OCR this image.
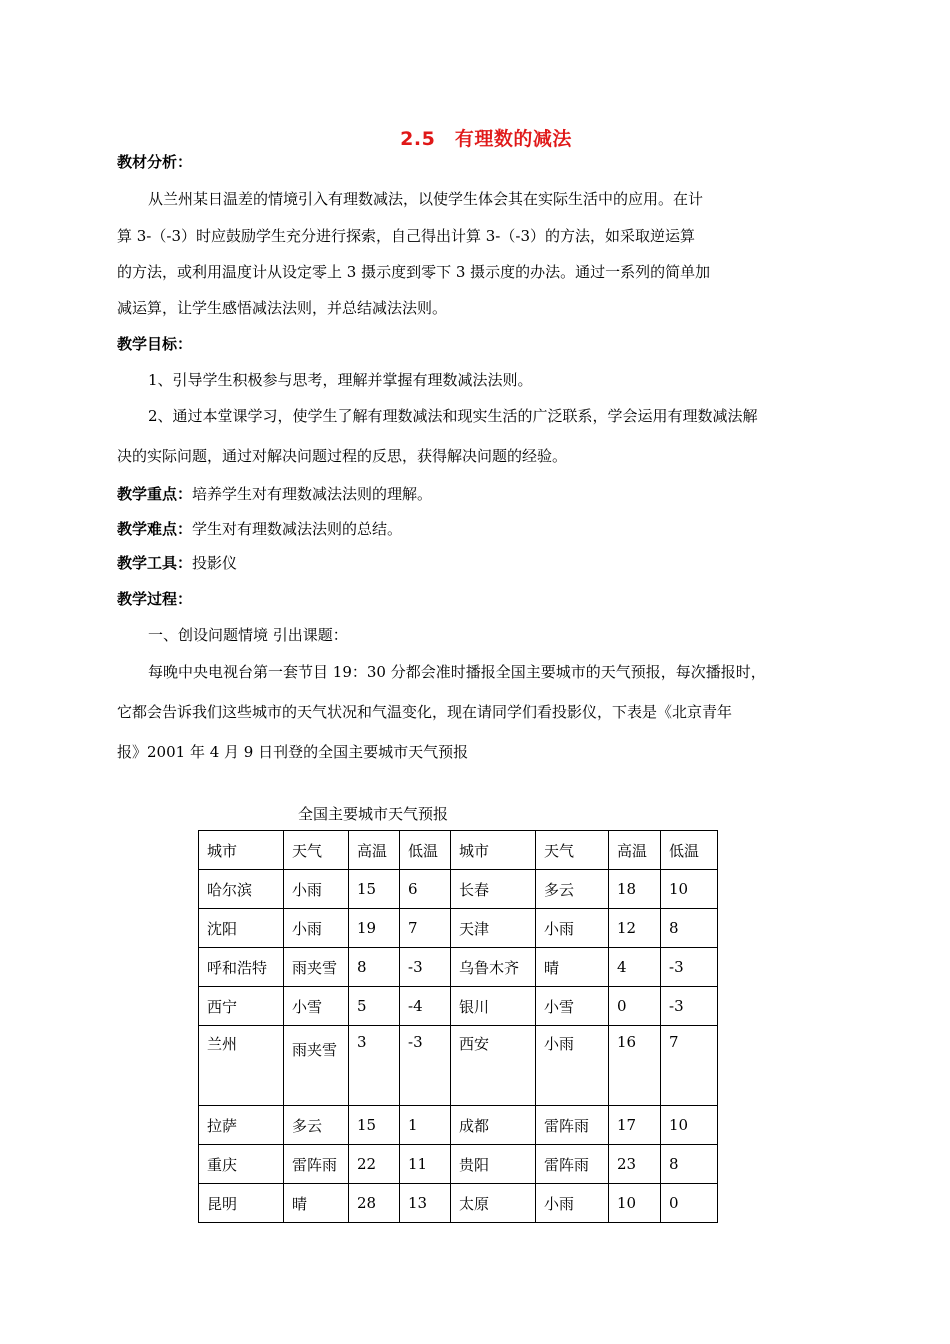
2.5　有理数的减法
教材分析：
从兰州某日温差的情境引入有理数减法，以使学生体会其在实际生活中的应用。在计
算 3-（-3）时应鼓励学生充分进行探索，自己得出计算 3-（-3）的方法，如采取逆运算
的方法，或利用温度计从设定零上 3 摄示度到零下 3 摄示度的办法。通过一系列的简单加
减运算，让学生感悟减法法则，并总结减法法则。
教学目标：
1、引导学生积极参与思考，理解并掌握有理数减法法则。
2、通过本堂课学习，使学生了解有理数减法和现实生活的广泛联系，学会运用有理数减法解
决的实际问题，通过对解决问题过程的反思，获得解决问题的经验。
教学重点：培养学生对有理数减法法则的理解。
教学难点：学生对有理数减法法则的总结。
教学工具：投影仪
教学过程：
一、创设问题情境 引出课题：
每晚中央电视台第一套节目 19：30 分都会准时播报全国主要城市的天气预报，每次播报时，
它都会告诉我们这些城市的天气状况和气温变化，现在请同学们看投影仪，下表是《北京青年
报》2001 年 4 月 9 日刊登的全国主要城市天气预报
全国主要城市天气预报
城市	天气	高温	低温	城市	天气	高温	低温
哈尔滨	小雨	15	6	长春	多云	18	10
沈阳	小雨	19	7	天津	小雨	12	8
呼和浩特	雨夹雪	8	-3	乌鲁木齐	晴	4	-3
西宁	小雪	5	-4	银川	小雪	0	-3
兰州	雨夹雪	3	-3	西安	小雨	16	7
拉萨	多云	15	1	成都	雷阵雨	17	10
重庆	雷阵雨	22	11	贵阳	雷阵雨	23	8
昆明	晴	28	13	太原	小雨	10	0
